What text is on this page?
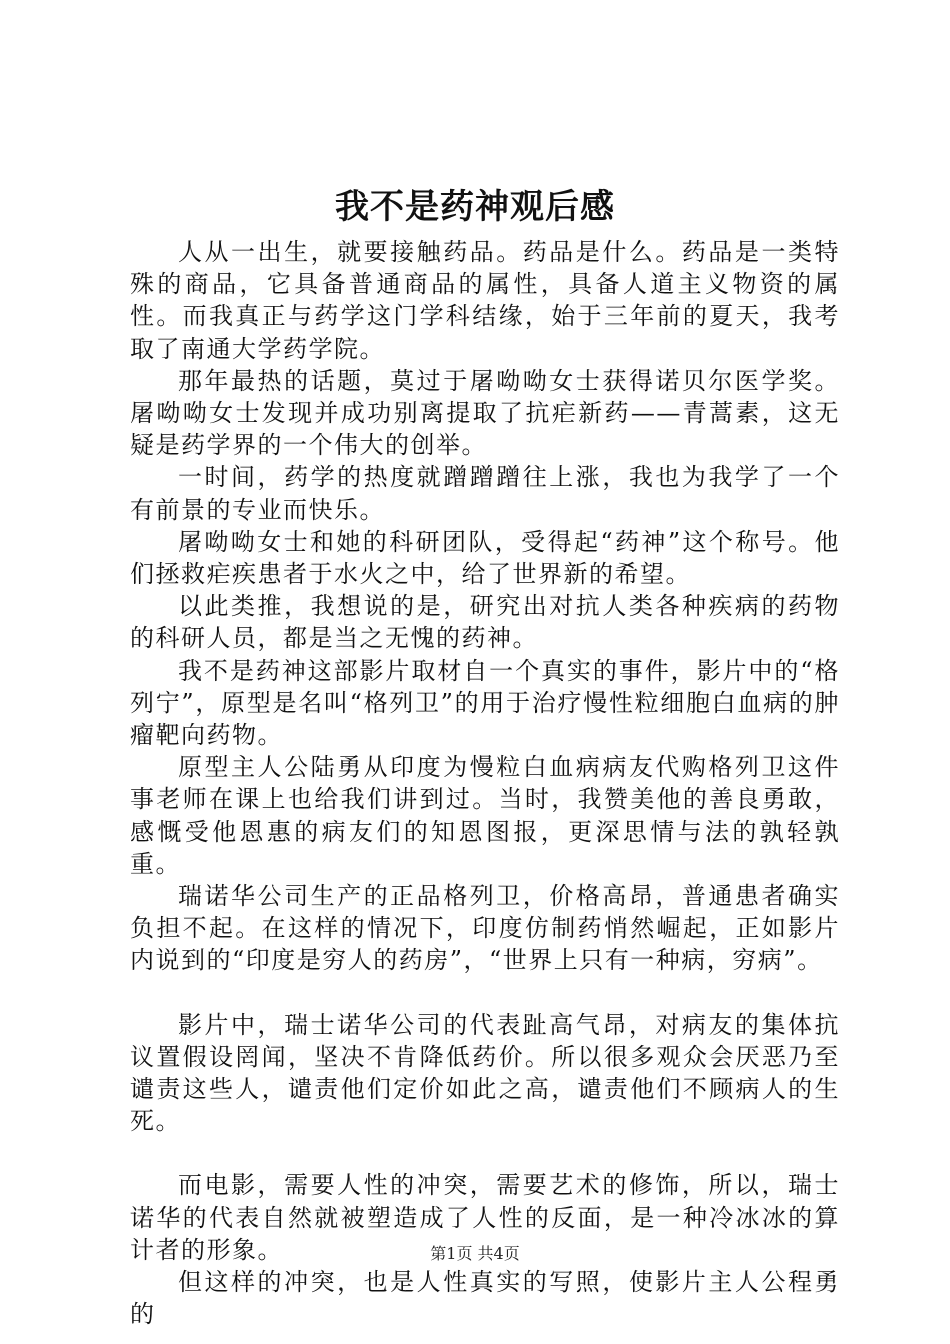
我不是药神观后感

人从一出生，就要接触药品。药品是什么。药品是一类特殊的商品，它具备普通商品的属性，具备人道主义物资的属性。而我真正与药学这门学科结缘，始于三年前的夏天，我考取了南通大学药学院。

那年最热的话题，莫过于屠呦呦女士获得诺贝尔医学奖。屠呦呦女士发现并成功别离提取了抗疟新药——青蒿素，这无疑是药学界的一个伟大的创举。

一时间，药学的热度就蹭蹭蹭往上涨，我也为我学了一个有前景的专业而快乐。

屠呦呦女士和她的科研团队，受得起“药神”这个称号。他们拯救疟疾患者于水火之中，给了世界新的希望。

以此类推，我想说的是，研究出对抗人类各种疾病的药物的科研人员，都是当之无愧的药神。

我不是药神这部影片取材自一个真实的事件，影片中的“格列宁”，原型是名叫“格列卫”的用于治疗慢性粒细胞白血病的肿瘤靶向药物。

原型主人公陆勇从印度为慢粒白血病病友代购格列卫这件事老师在课上也给我们讲到过。当时，我赞美他的善良勇敢，感慨受他恩惠的病友们的知恩图报，更深思情与法的孰轻孰重。

瑞诺华公司生产的正品格列卫，价格高昂，普通患者确实负担不起。在这样的情况下，印度仿制药悄然崛起，正如影片内说到的“印度是穷人的药房”，“世界上只有一种病，穷病”。

影片中，瑞士诺华公司的代表趾高气昂，对病友的集体抗议置假设罔闻，坚决不肯降低药价。所以很多观众会厌恶乃至谴责这些人，谴责他们定价如此之高，谴责他们不顾病人的生死。

而电影，需要人性的冲突，需要艺术的修饰，所以，瑞士诺华的代表自然就被塑造成了人性的反面，是一种冷冰冰的算计者的形象。

但这样的冲突，也是人性真实的写照，使影片主人公程勇的

第1页 共4页
